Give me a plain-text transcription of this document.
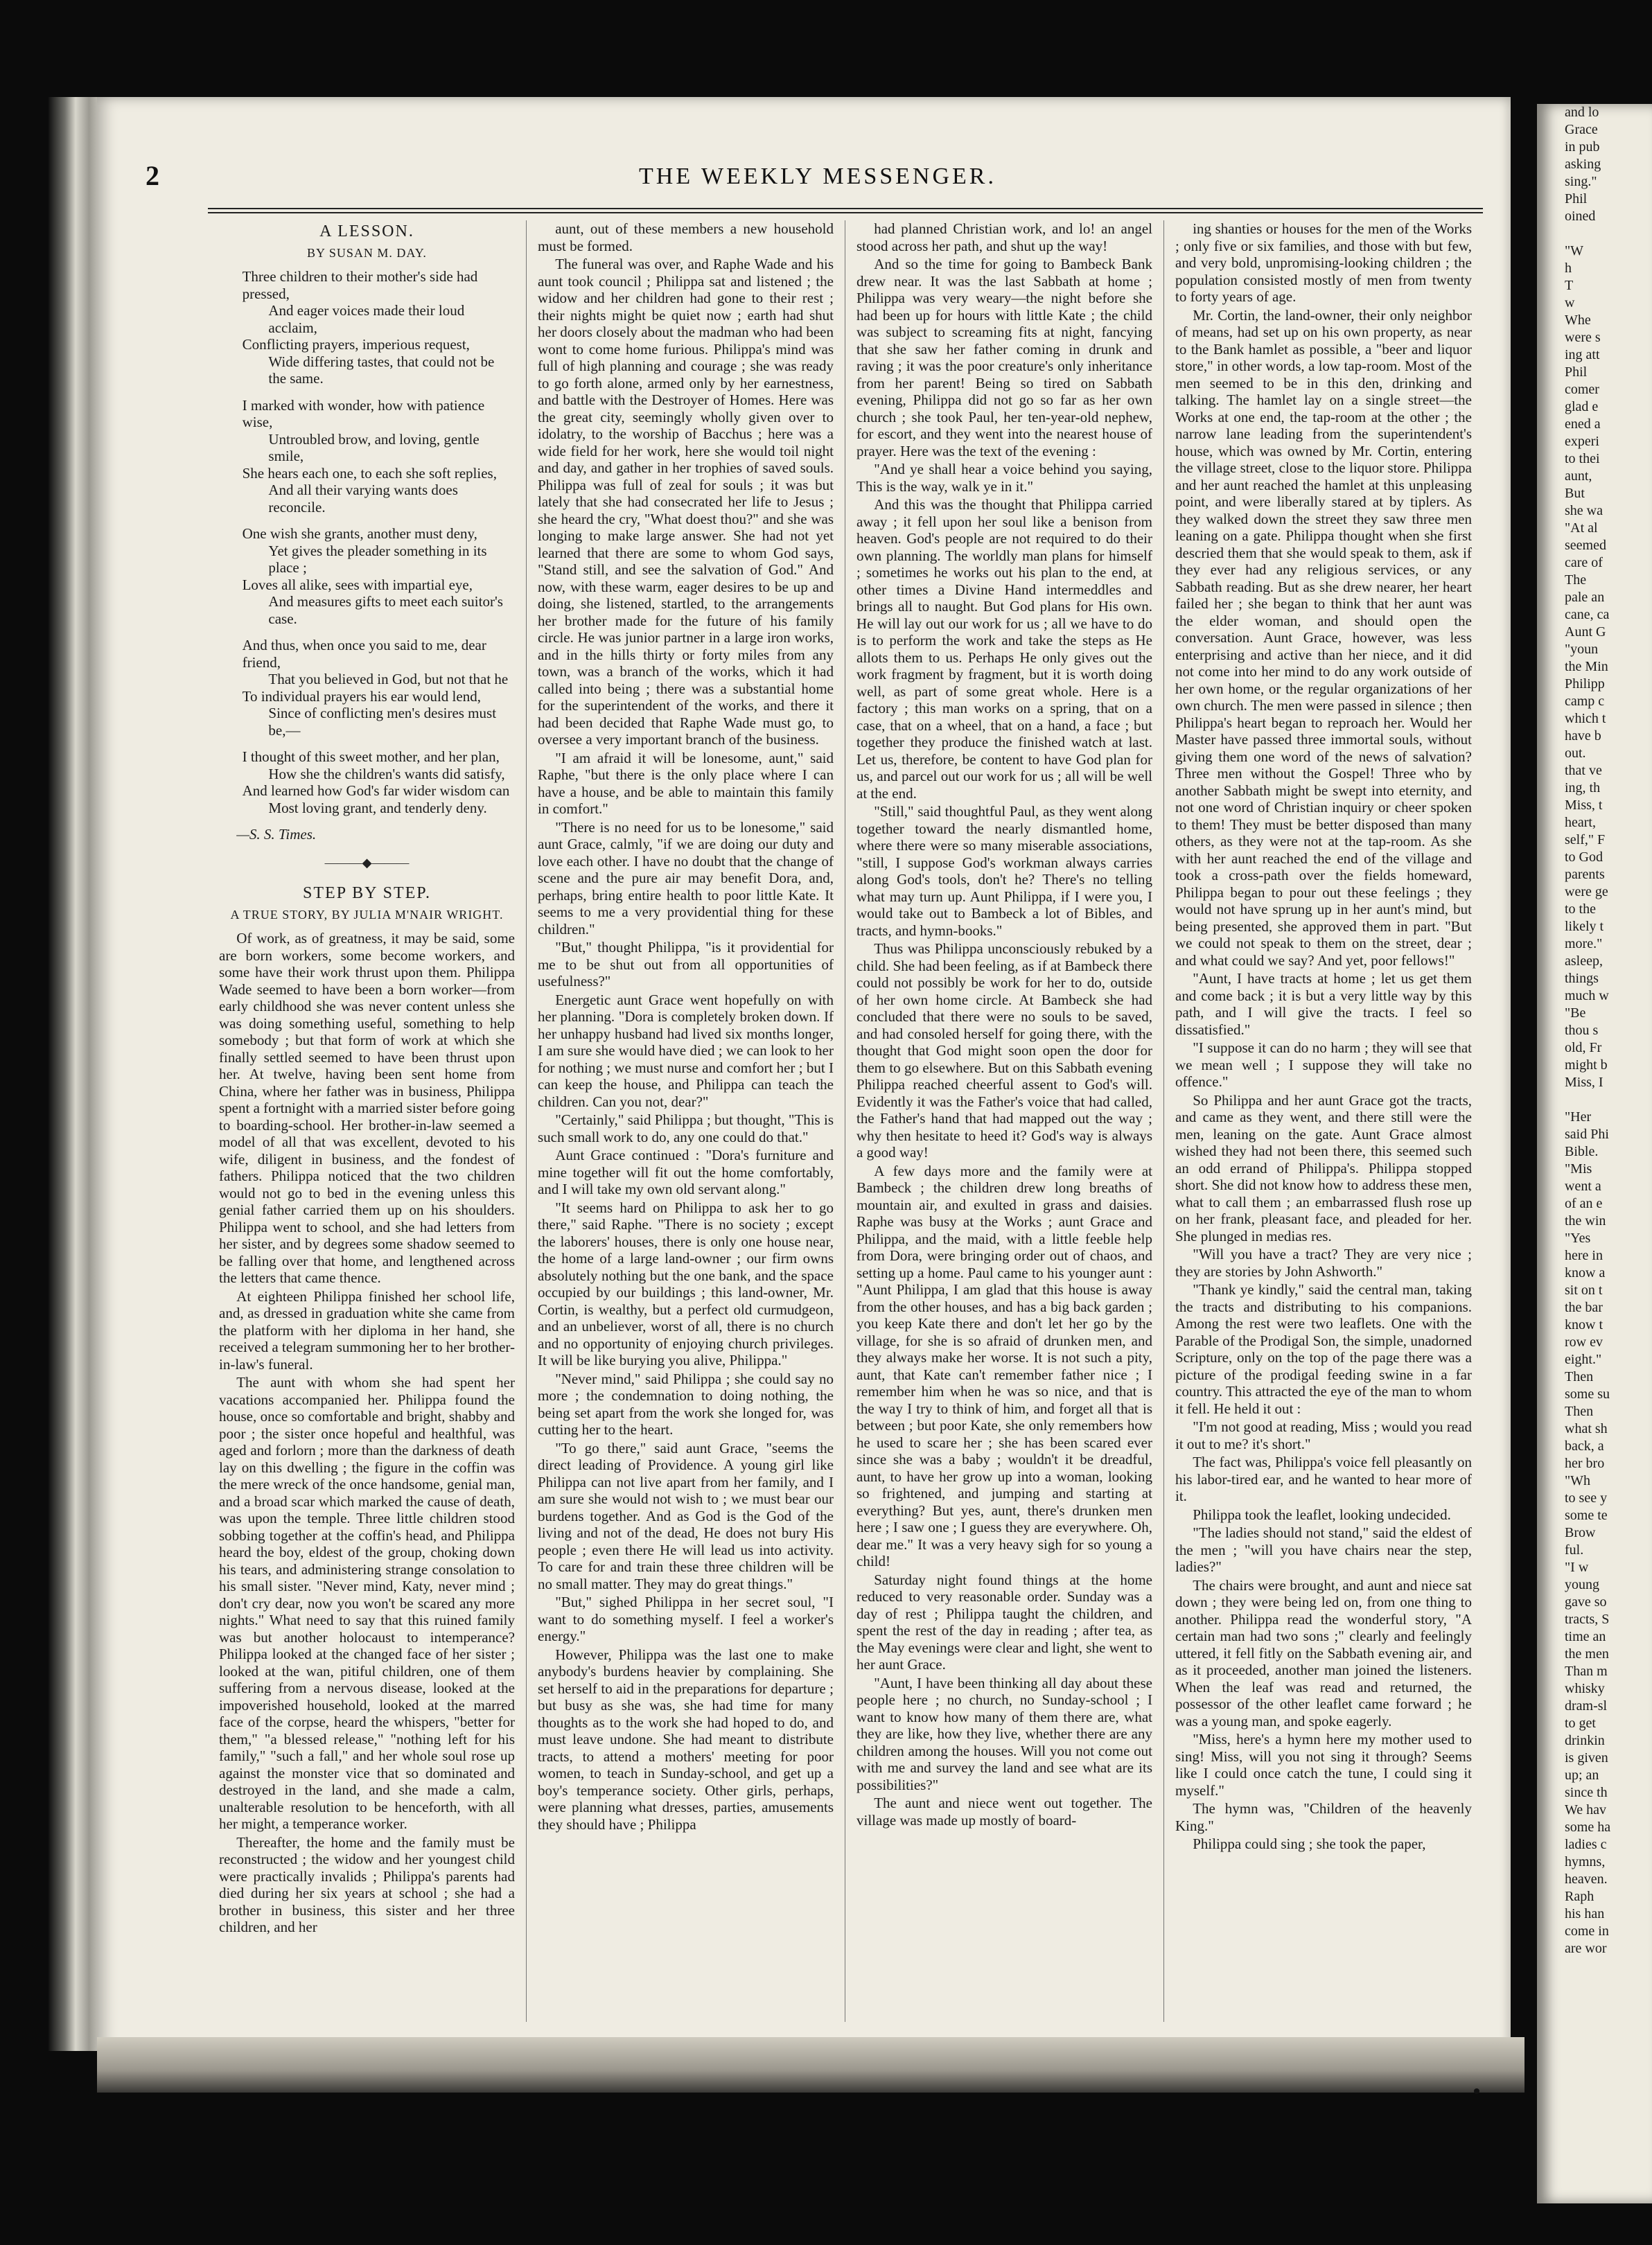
and lo

Grace

in pub

asking

sing."

Phil

oined

"W

h

T

w

Whe

were s

ing att

Phil

comer

glad e

ened a

experi

to thei

aunt,

But

she wa

"At al

seemed

care of

The

pale an

cane, ca

Aunt G

"youn

the Min

Philipp

camp c

which t

have b

out.

that ve

ing, th

Miss, t

heart,

self," F

to God

parents

were ge

to the

likely t

more."

asleep,

things

much w

"Be

thou s

old, Fr

might b

Miss, I

"Her

said Phi

Bible.

"Mis

went a

of an e

the win

"Yes

here in

know a

sit on t

the bar

know t

row ev

eight."

Then

some su

Then

what sh

back, a

her bro

"Wh

to see y

some te

Brow

ful.

"I w

young

gave so

tracts, S

time an

the men

Than m

whisky

dram-sl

to get

drinkin

is given

up; an

since th

We hav

some ha

ladies c

hymns,

heaven.

Raph

his han

come in

are wor

2	THE WEEKLY MESSENGER.
A LESSON.

BY SUSAN M. DAY.

Three children to their mother's side had pressed,
And eager voices made their loud acclaim,
Conflicting prayers, imperious request,
Wide differing tastes, that could not be the same.
I marked with wonder, how with patience wise,
Untroubled brow, and loving, gentle smile,
She hears each one, to each she soft replies,
And all their varying wants does reconcile.
One wish she grants, another must deny,
Yet gives the pleader something in its place ;
Loves all alike, sees with impartial eye,
And measures gifts to meet each suitor's case.
And thus, when once you said to me, dear friend,
That you believed in God, but not that he
To individual prayers his ear would lend,
Since of conflicting men's desires must be,—
I thought of this sweet mother, and her plan,
How she the children's wants did satisfy,
And learned how God's far wider wisdom can
Most loving grant, and tenderly deny.

—S. S. Times.

———◆———
STEP BY STEP.

A TRUE STORY, BY JULIA M'NAIR WRIGHT.

Of work, as of greatness, it may be said, some are born workers, some become workers, and some have their work thrust upon them. Philippa Wade seemed to have been a born worker—from early childhood she was never content unless she was doing something useful, something to help somebody ; but that form of work at which she finally settled seemed to have been thrust upon her. At twelve, having been sent home from China, where her father was in business, Philippa spent a fortnight with a married sister before going to boarding-school. Her brother-in-law seemed a model of all that was excellent, devoted to his wife, diligent in business, and the fondest of fathers. Philippa noticed that the two children would not go to bed in the evening unless this genial father carried them up on his shoulders. Philippa went to school, and she had letters from her sister, and by degrees some shadow seemed to be falling over that home, and lengthened across the letters that came thence.

At eighteen Philippa finished her school life, and, as dressed in graduation white she came from the platform with her diploma in her hand, she received a telegram summoning her to her brother-in-law's funeral.

The aunt with whom she had spent her vacations accompanied her. Philippa found the house, once so comfortable and bright, shabby and poor ; the sister once hopeful and healthful, was aged and forlorn ; more than the darkness of death lay on this dwelling ; the figure in the coffin was the mere wreck of the once handsome, genial man, and a broad scar which marked the cause of death, was upon the temple. Three little children stood sobbing together at the coffin's head, and Philippa heard the boy, eldest of the group, choking down his tears, and administering strange consolation to his small sister. "Never mind, Katy, never mind ; don't cry dear, now you won't be scared any more nights." What need to say that this ruined family was but another holocaust to intemperance? Philippa looked at the changed face of her sister ; looked at the wan, pitiful children, one of them suffering from a nervous disease, looked at the impoverished household, looked at the marred face of the corpse, heard the whispers, "better for them," "a blessed release," "nothing left for his family," "such a fall," and her whole soul rose up against the monster vice that so dominated and destroyed in the land, and she made a calm, unalterable resolution to be henceforth, with all her might, a temperance worker.

Thereafter, the home and the family must be reconstructed ; the widow and her youngest child were practically invalids ; Philippa's parents had died during her six years at school ; she had a brother in business, this sister and her three children, and her

aunt, out of these members a new household must be formed.

The funeral was over, and Raphe Wade and his aunt took council ; Philippa sat and listened ; the widow and her children had gone to their rest ; their nights might be quiet now ; earth had shut her doors closely about the madman who had been wont to come home furious. Philippa's mind was full of high planning and courage ; she was ready to go forth alone, armed only by her earnestness, and battle with the Destroyer of Homes. Here was the great city, seemingly wholly given over to idolatry, to the worship of Bacchus ; here was a wide field for her work, here she would toil night and day, and gather in her trophies of saved souls. Philippa was full of zeal for souls ; it was but lately that she had consecrated her life to Jesus ; she heard the cry, "What doest thou?" and she was longing to make large answer. She had not yet learned that there are some to whom God says, "Stand still, and see the salvation of God." And now, with these warm, eager desires to be up and doing, she listened, startled, to the arrangements her brother made for the future of his family circle. He was junior partner in a large iron works, and in the hills thirty or forty miles from any town, was a branch of the works, which it had called into being ; there was a substantial home for the superintendent of the works, and there it had been decided that Raphe Wade must go, to oversee a very important branch of the business.

"I am afraid it will be lonesome, aunt," said Raphe, "but there is the only place where I can have a house, and be able to maintain this family in comfort."

"There is no need for us to be lonesome," said aunt Grace, calmly, "if we are doing our duty and love each other. I have no doubt that the change of scene and the pure air may benefit Dora, and, perhaps, bring entire health to poor little Kate. It seems to me a very providential thing for these children."

"But," thought Philippa, "is it providential for me to be shut out from all opportunities of usefulness?"

Energetic aunt Grace went hopefully on with her planning. "Dora is completely broken down. If her unhappy husband had lived six months longer, I am sure she would have died ; we can look to her for nothing ; we must nurse and comfort her ; but I can keep the house, and Philippa can teach the children. Can you not, dear?"

"Certainly," said Philippa ; but thought, "This is such small work to do, any one could do that."

Aunt Grace continued : "Dora's furniture and mine together will fit out the home comfortably, and I will take my own old servant along."

"It seems hard on Philippa to ask her to go there," said Raphe. "There is no society ; except the laborers' houses, there is only one house near, the home of a large land-owner ; our firm owns absolutely nothing but the one bank, and the space occupied by our buildings ; this land-owner, Mr. Cortin, is wealthy, but a perfect old curmudgeon, and an unbeliever, worst of all, there is no church and no opportunity of enjoying church privileges. It will be like burying you alive, Philippa."

"Never mind," said Philippa ; she could say no more ; the condemnation to doing nothing, the being set apart from the work she longed for, was cutting her to the heart.

"To go there," said aunt Grace, "seems the direct leading of Providence. A young girl like Philippa can not live apart from her family, and I am sure she would not wish to ; we must bear our burdens together. And as God is the God of the living and not of the dead, He does not bury His people ; even there He will lead us into activity. To care for and train these three children will be no small matter. They may do great things."

"But," sighed Philippa in her secret soul, "I want to do something myself. I feel a worker's energy."

However, Philippa was the last one to make anybody's burdens heavier by complaining. She set herself to aid in the preparations for departure ; but busy as she was, she had time for many thoughts as to the work she had hoped to do, and must leave undone. She had meant to distribute tracts, to attend a mothers' meeting for poor women, to teach in Sunday-school, and get up a boy's temperance society. Other girls, perhaps, were planning what dresses, parties, amusements they should have ; Philippa

had planned Christian work, and lo! an angel stood across her path, and shut up the way!

And so the time for going to Bambeck Bank drew near. It was the last Sabbath at home ; Philippa was very weary—the night before she had been up for hours with little Kate ; the child was subject to screaming fits at night, fancying that she saw her father coming in drunk and raving ; it was the poor creature's only inheritance from her parent! Being so tired on Sabbath evening, Philippa did not go so far as her own church ; she took Paul, her ten-year-old nephew, for escort, and they went into the nearest house of prayer. Here was the text of the evening :

"And ye shall hear a voice behind you saying, This is the way, walk ye in it."

And this was the thought that Philippa carried away ; it fell upon her soul like a benison from heaven. God's people are not required to do their own planning. The worldly man plans for himself ; sometimes he works out his plan to the end, at other times a Divine Hand intermeddles and brings all to naught. But God plans for His own. He will lay out our work for us ; all we have to do is to perform the work and take the steps as He allots them to us. Perhaps He only gives out the work fragment by fragment, but it is worth doing well, as part of some great whole. Here is a factory ; this man works on a spring, that on a case, that on a wheel, that on a hand, a face ; but together they produce the finished watch at last. Let us, therefore, be content to have God plan for us, and parcel out our work for us ; all will be well at the end.

"Still," said thoughtful Paul, as they went along together toward the nearly dismantled home, where there were so many miserable associations, "still, I suppose God's workman always carries along God's tools, don't he? There's no telling what may turn up. Aunt Philippa, if I were you, I would take out to Bambeck a lot of Bibles, and tracts, and hymn-books."

Thus was Philippa unconsciously rebuked by a child. She had been feeling, as if at Bambeck there could not possibly be work for her to do, outside of her own home circle. At Bambeck she had concluded that there were no souls to be saved, and had consoled herself for going there, with the thought that God might soon open the door for them to go elsewhere. But on this Sabbath evening Philippa reached cheerful assent to God's will. Evidently it was the Father's voice that had called, the Father's hand that had mapped out the way ; why then hesitate to heed it? God's way is always a good way!

A few days more and the family were at Bambeck ; the children drew long breaths of mountain air, and exulted in grass and daisies. Raphe was busy at the Works ; aunt Grace and Philippa, and the maid, with a little feeble help from Dora, were bringing order out of chaos, and setting up a home. Paul came to his younger aunt : "Aunt Philippa, I am glad that this house is away from the other houses, and has a big back garden ; you keep Kate there and don't let her go by the village, for she is so afraid of drunken men, and they always make her worse. It is not such a pity, aunt, that Kate can't remember father nice ; I remember him when he was so nice, and that is the way I try to think of him, and forget all that is between ; but poor Kate, she only remembers how he used to scare her ; she has been scared ever since she was a baby ; wouldn't it be dreadful, aunt, to have her grow up into a woman, looking so frightened, and jumping and starting at everything? But yes, aunt, there's drunken men here ; I saw one ; I guess they are everywhere. Oh, dear me." It was a very heavy sigh for so young a child!

Saturday night found things at the home reduced to very reasonable order. Sunday was a day of rest ; Philippa taught the children, and spent the rest of the day in reading ; after tea, as the May evenings were clear and light, she went to her aunt Grace.

"Aunt, I have been thinking all day about these people here ; no church, no Sunday-school ; I want to know how many of them there are, what they are like, how they live, whether there are any children among the houses. Will you not come out with me and survey the land and see what are its possibilities?"

The aunt and niece went out together. The village was made up mostly of board-

ing shanties or houses for the men of the Works ; only five or six families, and those with but few, and very bold, unpromising-looking children ; the population consisted mostly of men from twenty to forty years of age.

Mr. Cortin, the land-owner, their only neighbor of means, had set up on his own property, as near to the Bank hamlet as possible, a "beer and liquor store," in other words, a low tap-room. Most of the men seemed to be in this den, drinking and talking. The hamlet lay on a single street—the Works at one end, the tap-room at the other ; the narrow lane leading from the superintendent's house, which was owned by Mr. Cortin, entering the village street, close to the liquor store. Philippa and her aunt reached the hamlet at this unpleasing point, and were liberally stared at by tiplers. As they walked down the street they saw three men leaning on a gate. Philippa thought when she first descried them that she would speak to them, ask if they ever had any religious services, or any Sabbath reading. But as she drew nearer, her heart failed her ; she began to think that her aunt was the elder woman, and should open the conversation. Aunt Grace, however, was less enterprising and active than her niece, and it did not come into her mind to do any work outside of her own home, or the regular organizations of her own church. The men were passed in silence ; then Philippa's heart began to reproach her. Would her Master have passed three immortal souls, without giving them one word of the news of salvation? Three men without the Gospel! Three who by another Sabbath might be swept into eternity, and not one word of Christian inquiry or cheer spoken to them! They must be better disposed than many others, as they were not at the tap-room. As she with her aunt reached the end of the village and took a cross-path over the fields homeward, Philippa began to pour out these feelings ; they would not have sprung up in her aunt's mind, but being presented, she approved them in part. "But we could not speak to them on the street, dear ; and what could we say? And yet, poor fellows!"

"Aunt, I have tracts at home ; let us get them and come back ; it is but a very little way by this path, and I will give the tracts. I feel so dissatisfied."

"I suppose it can do no harm ; they will see that we mean well ; I suppose they will take no offence."

So Philippa and her aunt Grace got the tracts, and came as they went, and there still were the men, leaning on the gate. Aunt Grace almost wished they had not been there, this seemed such an odd errand of Philippa's. Philippa stopped short. She did not know how to address these men, what to call them ; an embarrassed flush rose up on her frank, pleasant face, and pleaded for her. She plunged in medias res.

"Will you have a tract? They are very nice ; they are stories by John Ashworth."

"Thank ye kindly," said the central man, taking the tracts and distributing to his companions. Among the rest were two leaflets. One with the Parable of the Prodigal Son, the simple, unadorned Scripture, only on the top of the page there was a picture of the prodigal feeding swine in a far country. This attracted the eye of the man to whom it fell. He held it out :

"I'm not good at reading, Miss ; would you read it out to me? it's short."

The fact was, Philippa's voice fell pleasantly on his labor-tired ear, and he wanted to hear more of it.

Philippa took the leaflet, looking undecided.

"The ladies should not stand," said the eldest of the men ; "will you have chairs near the step, ladies?"

The chairs were brought, and aunt and niece sat down ; they were being led on, from one thing to another. Philippa read the wonderful story, "A certain man had two sons ;" clearly and feelingly uttered, it fell fitly on the Sabbath evening air, and as it proceeded, another man joined the listeners. When the leaf was read and returned, the possessor of the other leaflet came forward ; he was a young man, and spoke eagerly.

"Miss, here's a hymn here my mother used to sing! Miss, will you not sing it through? Seems like I could once catch the tune, I could sing it myself."

The hymn was, "Children of the heavenly King."

Philippa could sing ; she took the paper,
